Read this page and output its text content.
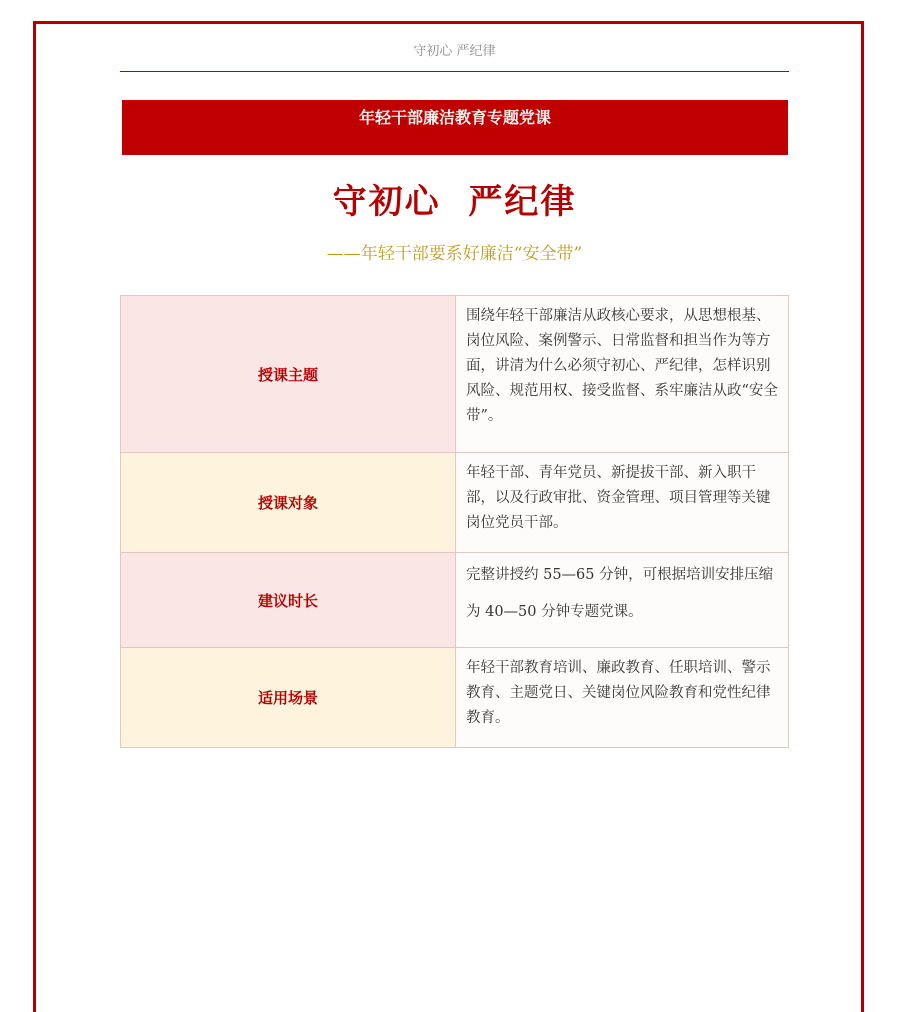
守初心 严纪律
年轻干部廉洁教育专题党课
守初心  严纪律
——年轻干部要系好廉洁“安全带”
授课主题	围绕年轻干部廉洁从政核心要求，从思想根基、岗位风险、案例警示、日常监督和担当作为等方面，讲清为什么必须守初心、严纪律，怎样识别风险、规范用权、接受监督、系牢廉洁从政“安全带”。
授课对象	年轻干部、青年党员、新提拔干部、新入职干部，以及行政审批、资金管理、项目管理等关键岗位党员干部。
建议时长	完整讲授约 55—65 分钟，可根据培训安排压缩为 40—50 分钟专题党课。
适用场景	年轻干部教育培训、廉政教育、任职培训、警示教育、主题党日、关键岗位风险教育和党性纪律教育。
